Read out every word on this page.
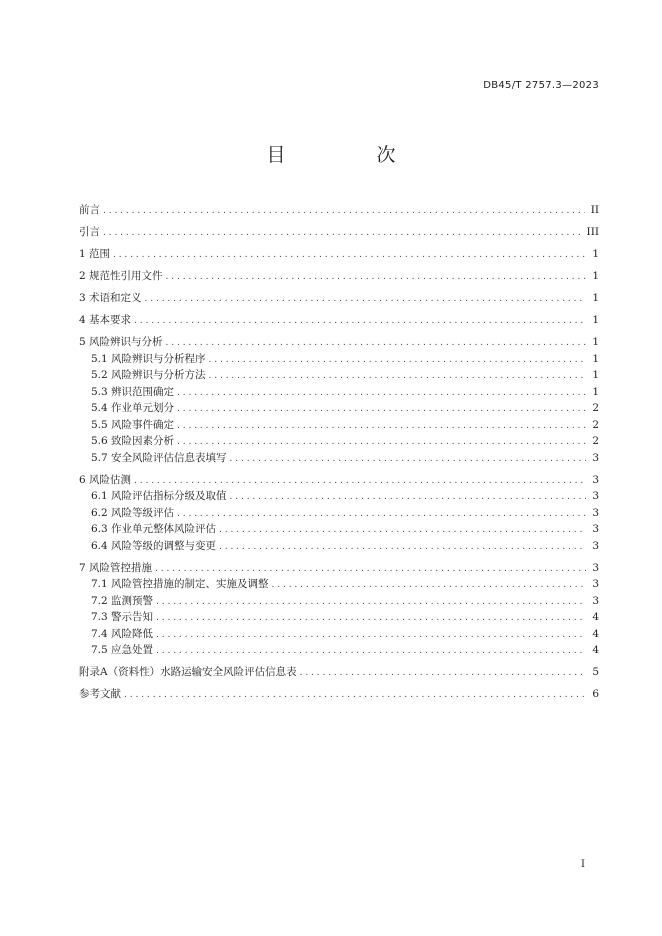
DB45/T 2757.3—2023
目　次
前言 . . .	II
引言 . . .	III
1 范围 . . .	1
2 规范性引用文件 . . .	1
3 术语和定义 . . .	1
4 基本要求 . . .	1
5 风险辨识与分析 . . .	1
5.1 风险辨识与分析程序 . . .	1
5.2 风险辨识与分析方法 . . .	1
5.3 辨识范围确定 . . .	1
5.4 作业单元划分 . . .	2
5.5 风险事件确定 . . .	2
5.6 致险因素分析 . . .	2
5.7 安全风险评估信息表填写 . . .	3
6 风险估测 . . .	3
6.1 风险评估指标分级及取值 . . .	3
6.2 风险等级评估 . . .	3
6.3 作业单元整体风险评估 . . .	3
6.4 风险等级的调整与变更 . . .	3
7 风险管控措施 . . .	3
7.1 风险管控措施的制定、实施及调整 . . .	3
7.2 监测预警 . . .	3
7.3 警示告知 . . .	4
7.4 风险降低 . . .	4
7.5 应急处置 . . .	4
附录A（资料性）水路运输安全风险评估信息表 . . .	5
参考文献 . . .	6
I
